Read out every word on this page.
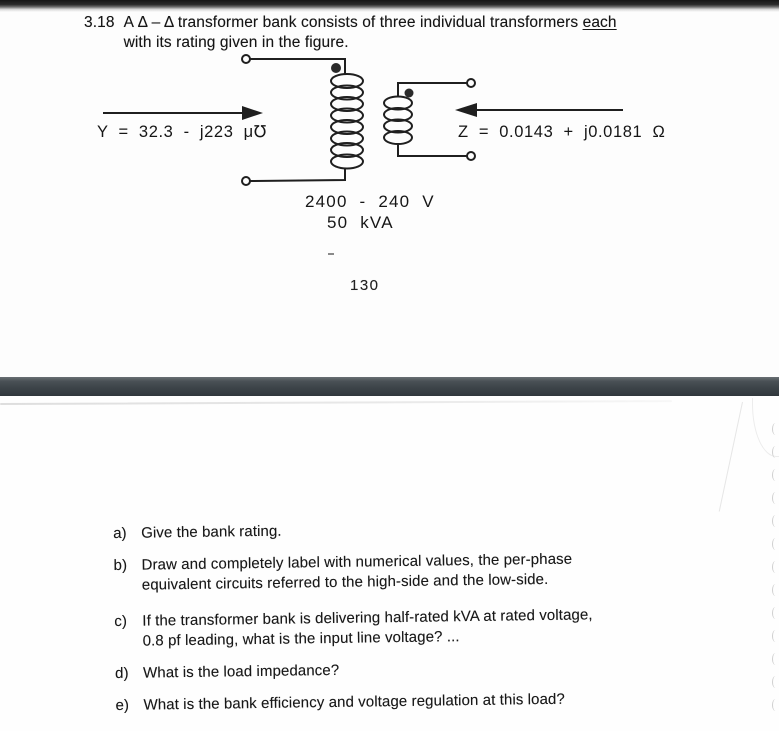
3.18 A Δ – Δ transformer bank consists of three individual transformers each
with its rating given in the figure.
Y = 32.3 - j223 μ℧	Z = 0.0143 + j0.0181 Ω
2400 - 240 V
50 kVA
130
a) Give the bank rating.
b) Draw and completely label with numerical values, the per-phase
equivalent circuits referred to the high-side and the low-side.
c)	If the transformer bank is delivering half-rated kVA at rated voltage,
0.8 pf leading, what is the input line voltage? ...
d) What is the load impedance?
e) What is the bank efficiency and voltage regulation at this load?
